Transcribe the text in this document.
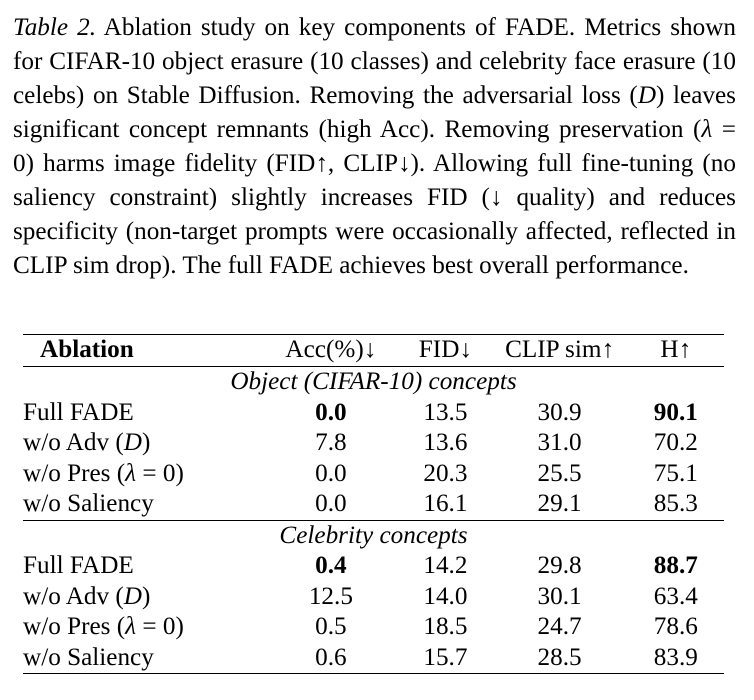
Table 2. Ablation study on key components of FADE. Metrics shown for CIFAR-10 object erasure (10 classes) and celebrity face erasure (10 celebs) on Stable Diffusion. Removing the adversarial loss (D) leaves significant concept remnants (high Acc). Removing preservation (λ = 0) harms image fidelity (FID↑, CLIP↓). Allowing full fine-tuning (no saliency constraint) slightly increases FID (↓ quality) and reduces specificity (non-target prompts were occasionally affected, reflected in CLIP sim drop). The full FADE achieves best overall performance.

Ablation	Acc(%)↓	FID↓	CLIP sim↑	H↑
Object (CIFAR-10) concepts				
Full FADE	0.0	13.5	30.9	90.1
w/o Adv (D)	7.8	13.6	31.0	70.2
w/o Pres (λ = 0)	0.0	20.3	25.5	75.1
w/o Saliency	0.0	16.1	29.1	85.3
Celebrity concepts				
Full FADE	0.4	14.2	29.8	88.7
w/o Adv (D)	12.5	14.0	30.1	63.4
w/o Pres (λ = 0)	0.5	18.5	24.7	78.6
w/o Saliency	0.6	15.7	28.5	83.9
